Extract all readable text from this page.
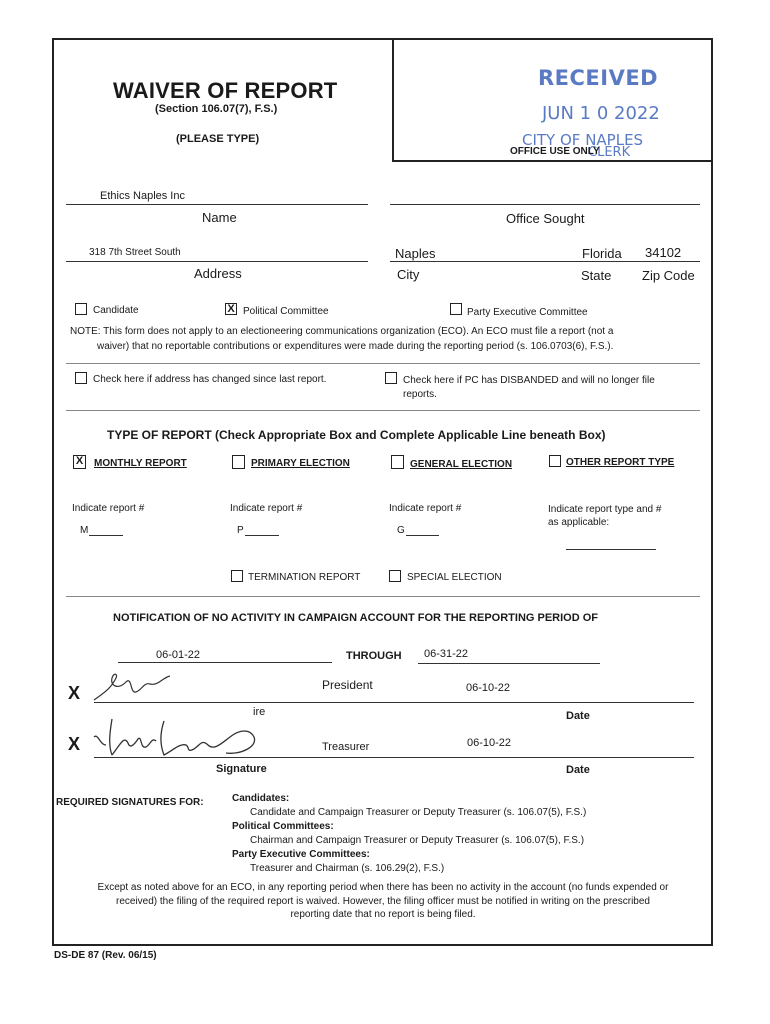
WAIVER OF REPORT
(Section 106.07(7), F.S.)
(PLEASE TYPE)
RECEIVED
JUN 1 0 2022
CITY OF NAPLES
CLERK
OFFICE USE ONLY
Ethics Naples Inc
Name	Office Sought
318 7th Street South	Naples	Florida 34102
Address	City	State Zip Code
Candidate	X Political Committee	Party Executive Committee
NOTE: This form does not apply to an electioneering communications organization (ECO). An ECO must file a report (not a
waiver) that no reportable contributions or expenditures were made during the reporting period (s. 106.0703(6), F.S.).
Check here if address has changed since last report.	Check here if PC has DISBANDED and will no longer file
reports.
TYPE OF REPORT (Check Appropriate Box and Complete Applicable Line beneath Box)
X MONTHLY REPORT	PRIMARY ELECTION	GENERAL ELECTION	OTHER REPORT TYPE
Indicate report #	Indicate report #	Indicate report #	Indicate report type and #
as applicable:
M	P	G
TERMINATION REPORT	SPECIAL ELECTION
NOTIFICATION OF NO ACTIVITY IN CAMPAIGN ACCOUNT FOR THE REPORTING PERIOD OF
06-01-22	THROUGH 06-31-22
X	President	06-10-22
ire	Date
X	Treasurer	06-10-22
Signature	Date
REQUIRED SIGNATURES FOR:	Candidates:
Candidate and Campaign Treasurer or Deputy Treasurer (s. 106.07(5), F.S.)
Political Committees:
Chairman and Campaign Treasurer or Deputy Treasurer (s. 106.07(5), F.S.)
Party Executive Committees:
Treasurer and Chairman (s. 106.29(2), F.S.)
Except as noted above for an ECO, in any reporting period when there has been no activity in the account (no funds expended or
received) the filing of the required report is waived. However, the filing officer must be notified in writing on the prescribed
reporting date that no report is being filed.
DS-DE 87 (Rev. 06/15)
